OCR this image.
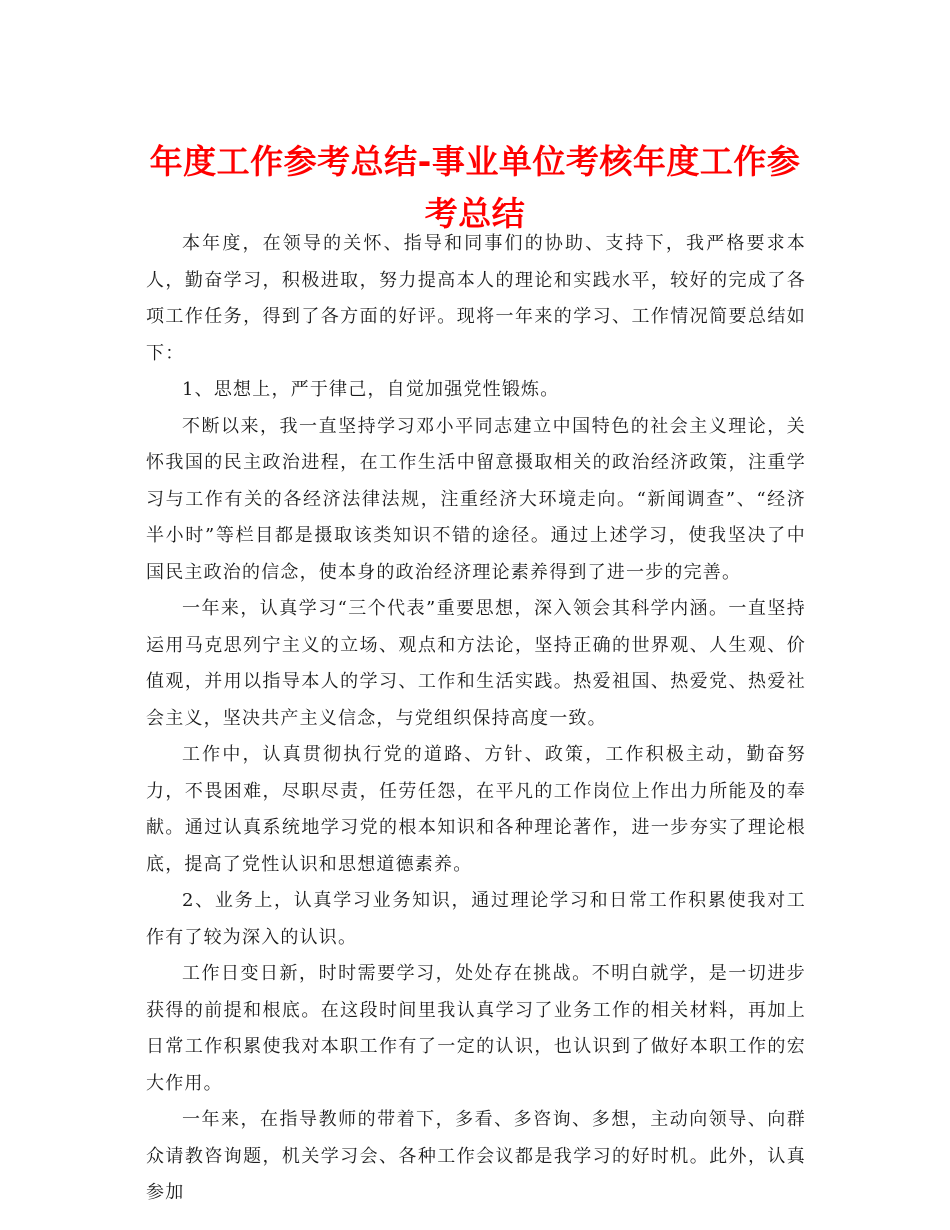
年度工作参考总结-事业单位考核年度工作参考总结

本年度，在领导的关怀、指导和同事们的协助、支持下，我严格要求本人，勤奋学习，积极进取，努力提高本人的理论和实践水平，较好的完成了各项工作任务，得到了各方面的好评。现将一年来的学习、工作情况简要总结如下：

1、思想上，严于律己，自觉加强党性锻炼。

不断以来，我一直坚持学习邓小平同志建立中国特色的社会主义理论，关怀我国的民主政治进程，在工作生活中留意摄取相关的政治经济政策，注重学习与工作有关的各经济法律法规，注重经济大环境走向。“新闻调查”、“经济半小时”等栏目都是摄取该类知识不错的途径。通过上述学习，使我坚决了中国民主政治的信念，使本身的政治经济理论素养得到了进一步的完善。

一年来，认真学习“三个代表”重要思想，深入领会其科学内涵。一直坚持运用马克思列宁主义的立场、观点和方法论，坚持正确的世界观、人生观、价值观，并用以指导本人的学习、工作和生活实践。热爱祖国、热爱党、热爱社会主义，坚决共产主义信念，与党组织保持高度一致。

工作中，认真贯彻执行党的道路、方针、政策，工作积极主动，勤奋努力，不畏困难，尽职尽责，任劳任怨，在平凡的工作岗位上作出力所能及的奉献。通过认真系统地学习党的根本知识和各种理论著作，进一步夯实了理论根底，提高了党性认识和思想道德素养。

2、业务上，认真学习业务知识，通过理论学习和日常工作积累使我对工作有了较为深入的认识。

工作日变日新，时时需要学习，处处存在挑战。不明白就学，是一切进步获得的前提和根底。在这段时间里我认真学习了业务工作的相关材料，再加上日常工作积累使我对本职工作有了一定的认识，也认识到了做好本职工作的宏大作用。

一年来，在指导教师的带着下，多看、多咨询、多想，主动向领导、向群众请教咨询题，机关学习会、各种工作会议都是我学习的好时机。此外，认真参加
